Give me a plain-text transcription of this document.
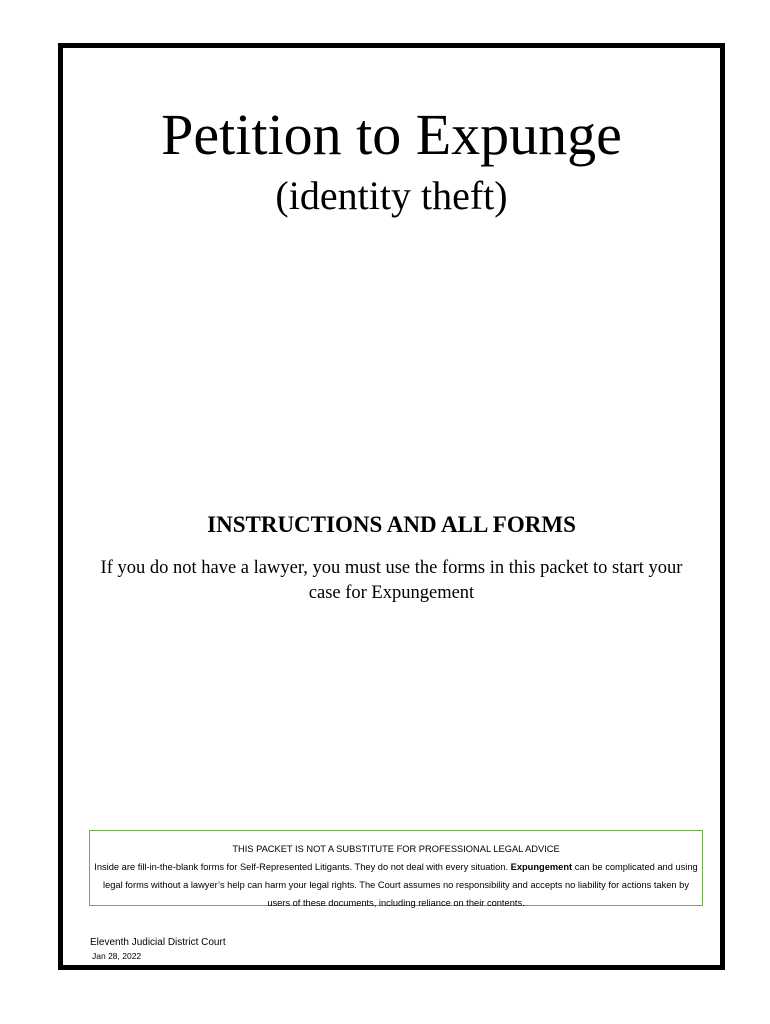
Petition to Expunge
(identity theft)
INSTRUCTIONS AND ALL FORMS

If you do not have a lawyer, you must use the forms in this packet to start your case for Expungement

THIS PACKET IS NOT A SUBSTITUTE FOR PROFESSIONAL LEGAL ADVICE
Inside are fill-in-the-blank forms for Self-Represented Litigants. They do not deal with every situation. Expungement can be complicated and using legal forms without a lawyer’s help can harm your legal rights. The Court assumes no responsibility and accepts no liability for actions taken by users of these documents, including reliance on their contents.
Eleventh Judicial District Court
Jan 28, 2022
